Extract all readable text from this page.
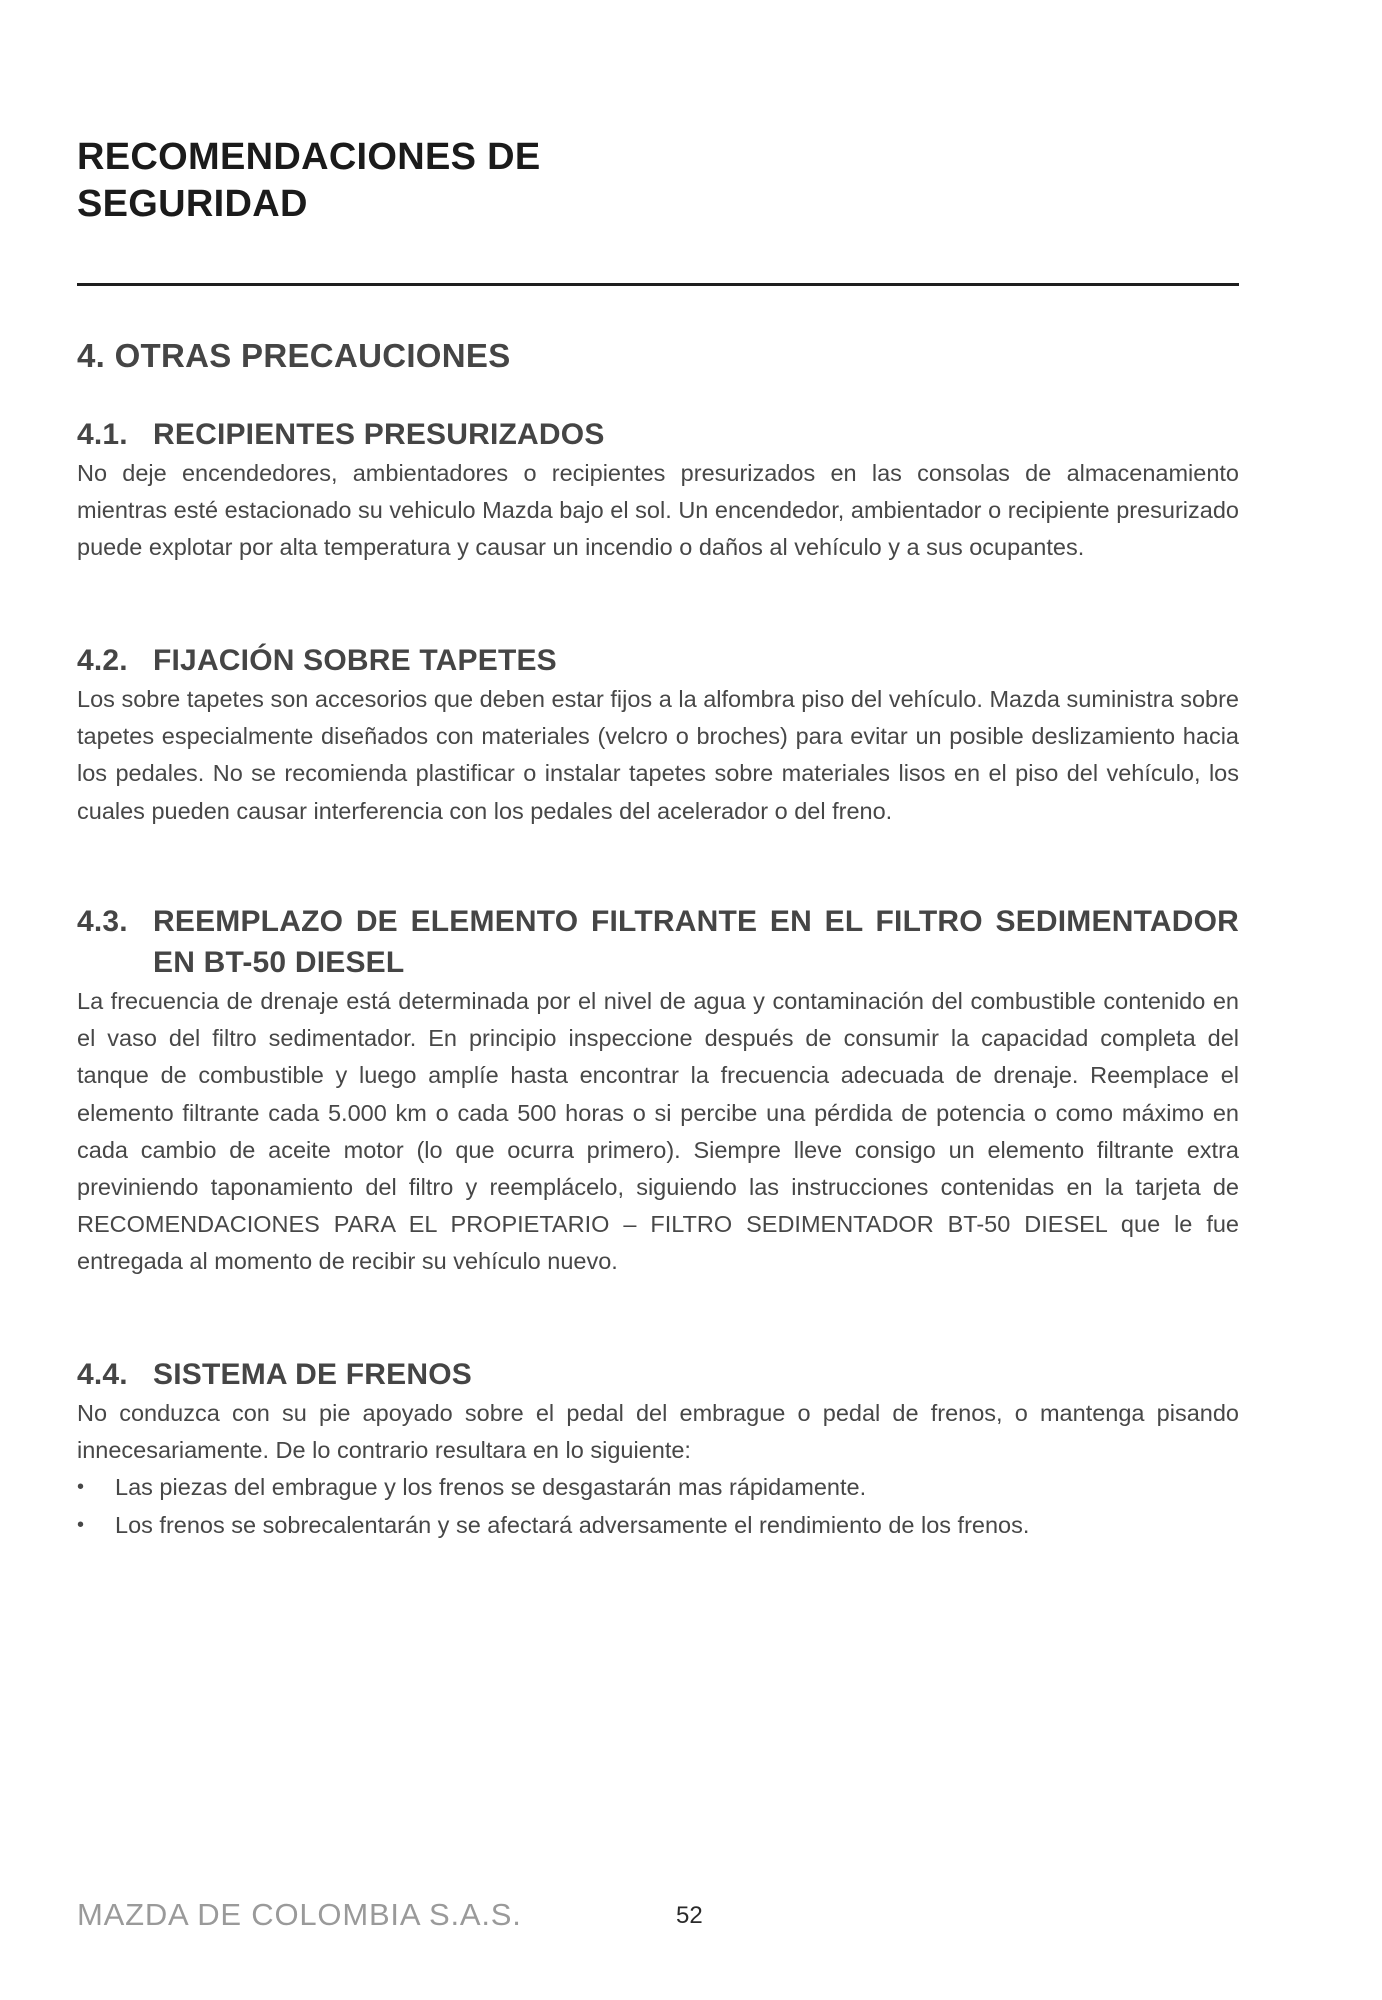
RECOMENDACIONES DE
SEGURIDAD
4. OTRAS PRECAUCIONES
4.1. RECIPIENTES PRESURIZADOS

No deje encendedores, ambientadores o recipientes presurizados en las consolas de almacenamiento mientras esté estacionado su vehiculo Mazda bajo el sol. Un encendedor, ambientador o recipiente presurizado puede explotar por alta temperatura y causar un incendio o daños al vehículo y a sus ocupantes.

4.2. FIJACIÓN SOBRE TAPETES

Los sobre tapetes son accesorios que deben estar fijos a la alfombra piso del vehículo. Mazda suministra sobre tapetes especialmente diseñados con materiales (velcro o broches) para evitar un posible deslizamiento hacia los pedales. No se recomienda plastificar o instalar tapetes sobre materiales lisos en el piso del vehículo, los cuales pueden causar interferencia con los pedales del acelerador o del freno.

4.3. REEMPLAZO DE ELEMENTO FILTRANTE EN EL FILTRO SEDIMENTADOR EN BT-50 DIESEL

La frecuencia de drenaje está determinada por el nivel de agua y contaminación del combustible contenido en el vaso del filtro sedimentador. En principio inspeccione después de consumir la capacidad completa del tanque de combustible y luego amplíe hasta encontrar la frecuencia adecuada de drenaje. Reemplace el elemento filtrante cada 5.000 km o cada 500 horas o si percibe una pérdida de potencia o como máximo en cada cambio de aceite motor (lo que ocurra primero). Siempre lleve consigo un elemento filtrante extra previniendo taponamiento del filtro y reemplácelo, siguiendo las instrucciones contenidas en la tarjeta de RECOMENDACIONES PARA EL PROPIETARIO – FILTRO SEDIMENTADOR BT-50 DIESEL que le fue entregada al momento de recibir su vehículo nuevo.

4.4. SISTEMA DE FRENOS

No conduzca con su pie apoyado sobre el pedal del embrague o pedal de frenos, o mantenga pisando innecesariamente. De lo contrario resultara en lo siguiente:

•	Las piezas del embrague y los frenos se desgastarán mas rápidamente.
•	Los frenos se sobrecalentarán y se afectará adversamente el rendimiento de los frenos.
MAZDA DE COLOMBIA S.A.S.	52
